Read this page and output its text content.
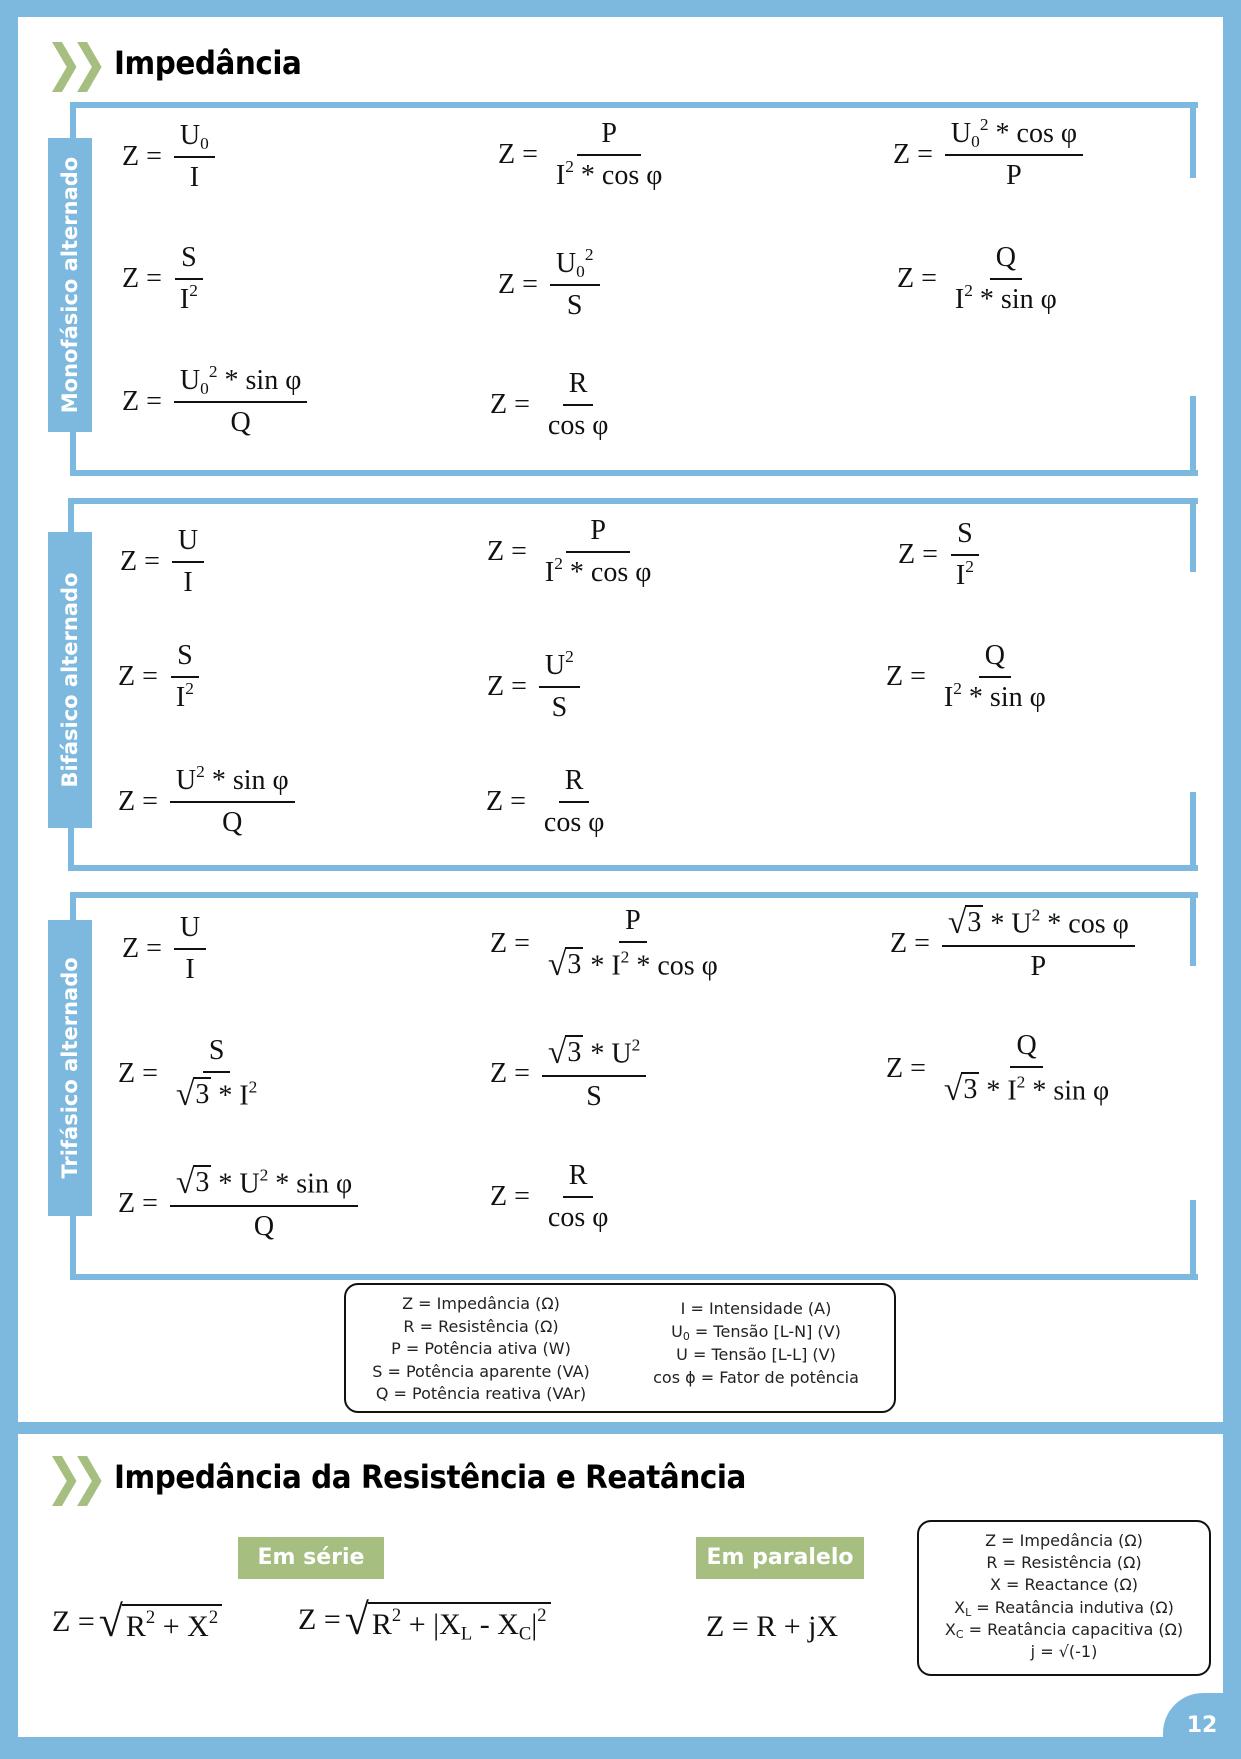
❯❯ Impedância
Monofásico alternado
$Z = \frac{U_0}{I}$	$Z = \frac{P}{I^2 * \cos \varphi}$	$Z = \frac{U_0^2 * \cos \varphi}{P}$
$Z = \frac{S}{I^2}$	$Z = \frac{U_0^2}{S}$	$Z = \frac{Q}{I^2 * \sin \varphi}$
$Z = \frac{U_0^2 * \sin \varphi}{Q}$	$Z = \frac{R}{\text{cos φ}}$
Bifásico alternado
$Z = \frac{U}{I}$	$Z = \frac{P}{I^2 * \cos \varphi}$	$Z = \frac{S}{I^2}$
$Z = \frac{S}{I^2}$	$Z = \frac{U^2}{S}$	$Z = \frac{Q}{I^2 * \sin \varphi}$
$Z = \frac{U^2 * \sin \varphi}{Q}$	$Z = \frac{R}{\text{cos φ}}$
Trifásico alternado
$Z = \frac{U}{I}$	$Z = \frac{P}{√ 3 * I^2 * \cos \varphi}$	$Z = \frac{√ 3 * U^2 * \cos \varphi}{P}$
$Z = \frac{S}{√ 3 * I^2}$	$Z = \frac{√ 3 * U^2}{S}$	$Z = \frac{Q}{√ 3 * I^2 * \sin \varphi}$
$Z = \frac{√ 3 * U^2 * \sin \varphi}{Q}$	$Z = \frac{R}{\text{cos φ}}$
Z = Impedância (Ω)
R = Resistência (Ω)
P = Potência ativa (W)
S = Potência aparente (VA)
Q = Potência reativa (VAr)
I = Intensidade (A)
$U_0$ = Tensão [L-N] (V)
U = Tensão [L-L] (V)
cos ϕ = Fator de potência
❯❯ Impedância da Resistência e Reatância
Em série	Em paralelo
Z = √ $R^2 + X^2$	Z = √ $R^2 + |X_L - X_C|^2$	Z = R + jX
Z = Impedância (Ω)
R = Resistência (Ω)
X = Reactance (Ω)
$X_L$ = Reatância indutiva (Ω)
$X_C$ = Reatância capacitiva (Ω)
j = √(-1)
12
